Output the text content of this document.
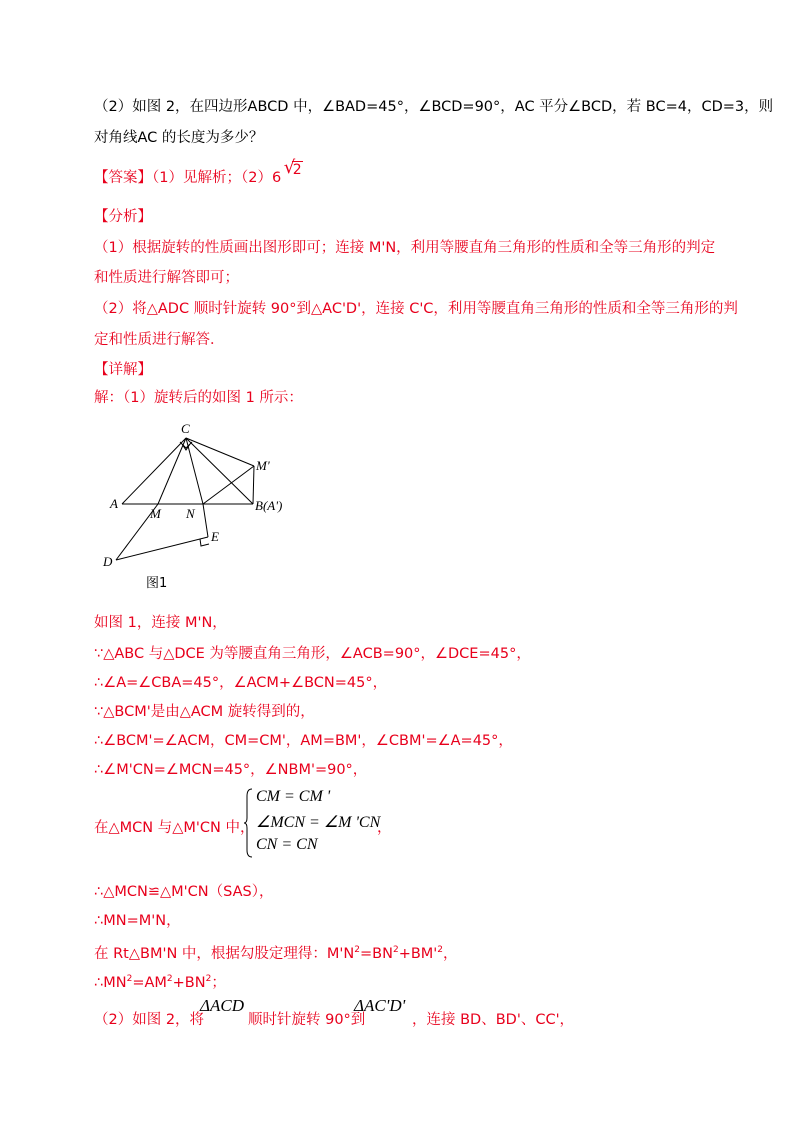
（2）如图 2，在四边形ABCD 中，∠BAD=45°，∠BCD=90°，AC 平分∠BCD，若 BC=4，CD=3，则
对角线AC 的长度为多少？
【答案】（1）见解析；（2）6 √
2
【分析】
（1）根据旋转的性质画出图形即可；连接 M'N，利用等腰直角三角形的性质和全等三角形的判定
和性质进行解答即可；
（2）将△ADC 顺时针旋转 90°到△AC'D'，连接 C'C，利用等腰直角三角形的性质和全等三角形的判
定和性质进行解答．
【详解】
解：（1）旋转后的如图 1 所示：
C
M'
A
M N
B(A')
E
D
图1
如图 1，连接 M'N，
∵△ABC 与△DCE 为等腰直角三角形，∠ACB=90°，∠DCE=45°，
∴∠A=∠CBA=45°，∠ACM+∠BCN=45°，
∵△BCM'是由△ACM 旋转得到的，
∴∠BCM'=∠ACM，CM=CM'，AM=BM'，∠CBM'=∠A=45°，
∴∠M'CN=∠MCN=45°，∠NBM'=90°，
在△MCN 与△M'CN 中，
CM = CM '
∠MCN = ∠M 'CN
CN = CN
，
∴△MCN≌△M'CN（SAS），
∴MN=M'N，
在 Rt△BM'N 中，根据勾股定理得：$M'N^2=BN^2+BM'^2$，
$\therefore MN^2=AM^2+BN^2$；
（2）如图 2，将
ΔACD
顺时针旋转 90°到
ΔAC'D'
，连接 BD、BD'、CC'，
